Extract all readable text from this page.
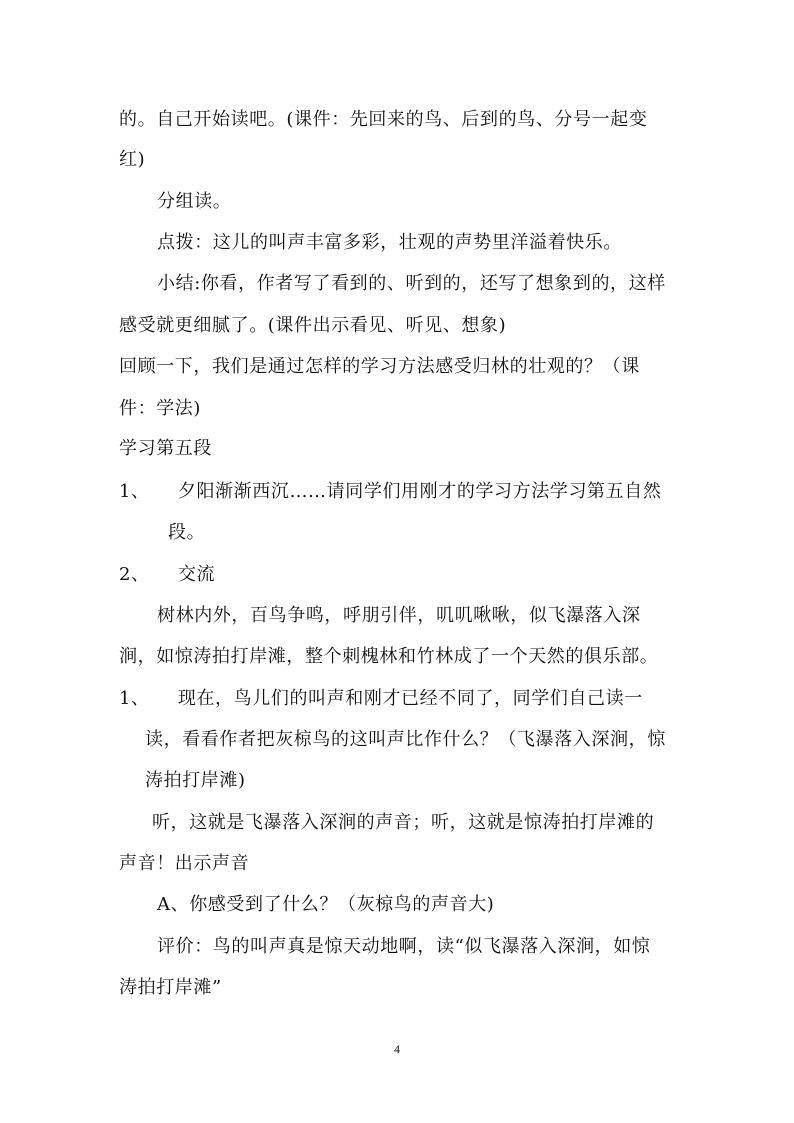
的。自己开始读吧。(课件：先回来的鸟、后到的鸟、分号一起变
红)
分组读。
点拨：这儿的叫声丰富多彩，壮观的声势里洋溢着快乐。
小结:你看，作者写了看到的、听到的，还写了想象到的，这样
感受就更细腻了。(课件出示看见、听见、想象)
回顾一下，我们是通过怎样的学习方法感受归林的壮观的？（课
件：学法)
学习第五段
1、　　夕阳渐渐西沉……请同学们用刚才的学习方法学习第五自然
段。
2、　　交流
树林内外，百鸟争鸣，呼朋引伴，叽叽啾啾，似飞瀑落入深
涧，如惊涛拍打岸滩，整个刺槐林和竹林成了一个天然的俱乐部。
1、　　现在，鸟儿们的叫声和刚才已经不同了，同学们自己读一
读，看看作者把灰椋鸟的这叫声比作什么？（飞瀑落入深涧，惊
涛拍打岸滩)
听，这就是飞瀑落入深涧的声音；听，这就是惊涛拍打岸滩的
声音！出示声音
A、你感受到了什么？（灰椋鸟的声音大)
评价：鸟的叫声真是惊天动地啊，读“似飞瀑落入深涧，如惊
涛拍打岸滩”
4
